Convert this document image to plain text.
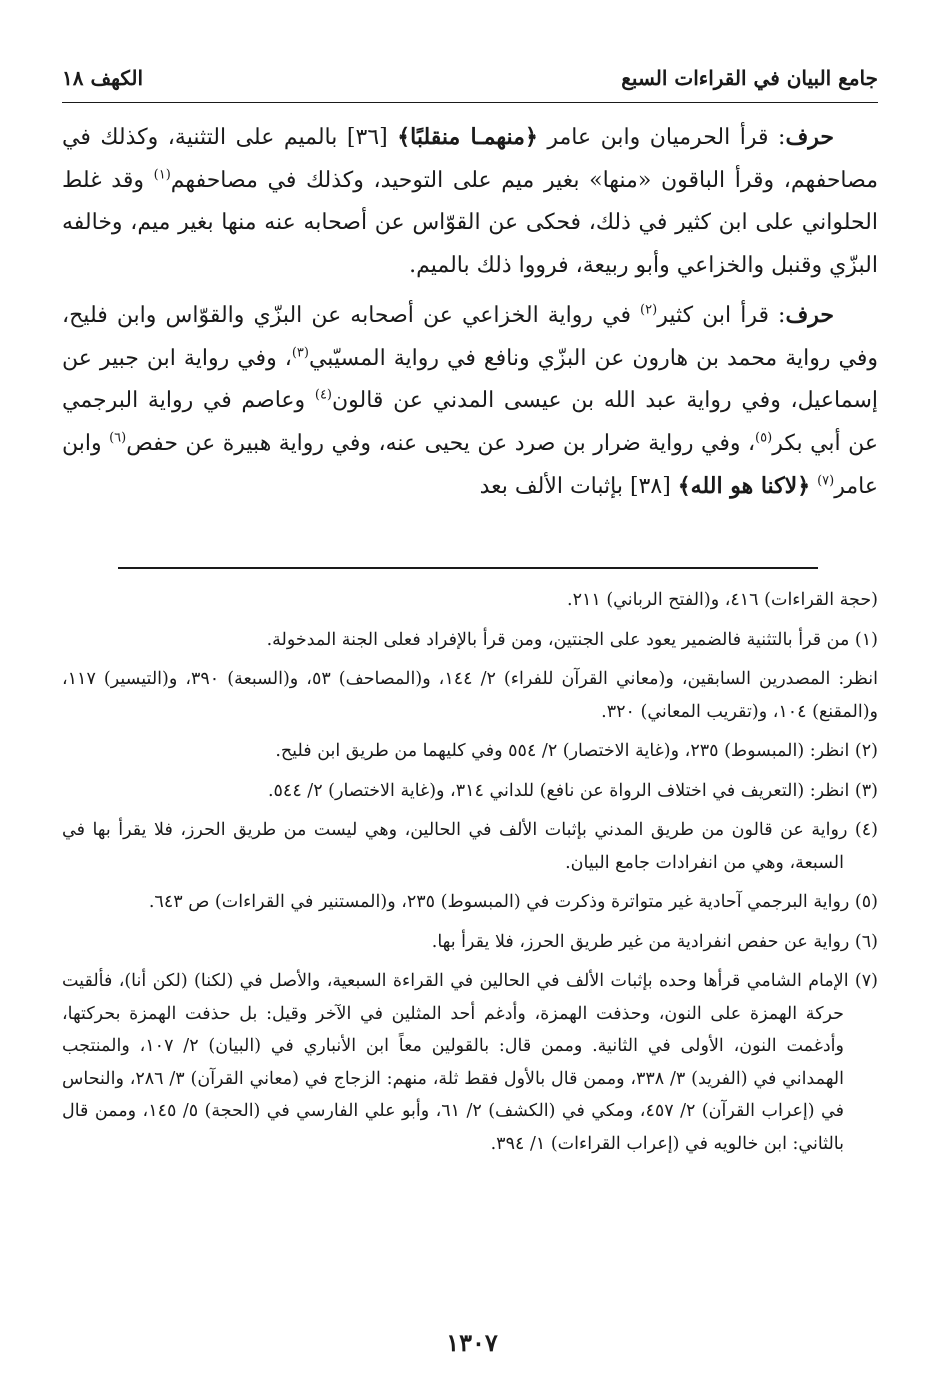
جامع البيان في القراءات السبع
الكهف ١٨

حرف: قرأ الحرميان وابن عامر ﴿منهمـا منقلبًا﴾ [٣٦] بالميم على التثنية، وكذلك في مصاحفهم، وقرأ الباقون «منها» بغير ميم على التوحيد، وكذلك في مصاحفهم$^{(١)}$ وقد غلط الحلواني على ابن كثير في ذلك، فحكى عن القوّاس عن أصحابه عنه منها بغير ميم، وخالفه البزّي وقنبل والخزاعي وأبو ربيعة، فرووا ذلك بالميم.

حرف: قرأ ابن كثير$^{(٢)}$ في رواية الخزاعي عن أصحابه عن البزّي والقوّاس وابن فليح، وفي رواية محمد بن هارون عن البزّي ونافع في رواية المسيّبي$^{(٣)}$، وفي رواية ابن جبير عن إسماعيل، وفي رواية عبد الله بن عيسى المدني عن قالون$^{(٤)}$ وعاصم في رواية البرجمي عن أبي بكر$^{(٥)}$، وفي رواية ضرار بن صرد عن يحيى عنه، وفي رواية هبيرة عن حفص$^{(٦)}$ وابن عامر$^{(٧)}$ ﴿لاكنا هو الله﴾ [٣٨] بإثبات الألف بعد

(حجة القراءات) ٤١٦، و(الفتح الرباني) ٢١١.
(١) من قرأ بالتثنية فالضمير يعود على الجنتين، ومن قرأ بالإفراد فعلى الجنة المدخولة.
انظر: المصدرين السابقين، و(معاني القرآن للفراء) ٢/ ١٤٤، و(المصاحف) ٥٣، و(السبعة) ٣٩٠، و(التيسير) ١١٧، و(المقنع) ١٠٤، و(تقريب المعاني) ٣٢٠.
(٢) انظر: (المبسوط) ٢٣٥، و(غاية الاختصار) ٢/ ٥٥٤ وفي كليهما من طريق ابن فليح.
(٣) انظر: (التعريف في اختلاف الرواة عن نافع) للداني ٣١٤، و(غاية الاختصار) ٢/ ٥٤٤.
(٤) رواية عن قالون من طريق المدني بإثبات الألف في الحالين، وهي ليست من طريق الحرز، فلا يقرأ بها في السبعة، وهي من انفرادات جامع البيان.
(٥) رواية البرجمي آحادية غير متواترة وذكرت في (المبسوط) ٢٣٥، و(المستنير في القراءات) ص ٦٤٣.
(٦) رواية عن حفص انفرادية من غير طريق الحرز، فلا يقرأ بها.
(٧) الإمام الشامي قرأها وحده بإثبات الألف في الحالين في القراءة السبعية، والأصل في (لكنا) (لكن أنا)، فألقيت حركة الهمزة على النون، وحذفت الهمزة، وأدغم أحد المثلين في الآخر وقيل: بل حذفت الهمزة بحركتها، وأدغمت النون، الأولى في الثانية. وممن قال: بالقولين معاً ابن الأنباري في (البيان) ٢/ ١٠٧، والمنتجب الهمداني في (الفريد) ٣/ ٣٣٨، وممن قال بالأول فقط ثلة، منهم: الزجاج في (معاني القرآن) ٣/ ٢٨٦، والنحاس في (إعراب القرآن) ٢/ ٤٥٧، ومكي في (الكشف) ٢/ ٦١، وأبو علي الفارسي في (الحجة) ٥/ ١٤٥، وممن قال بالثاني: ابن خالويه في (إعراب القراءات) ١/ ٣٩٤.
١٣٠٧
